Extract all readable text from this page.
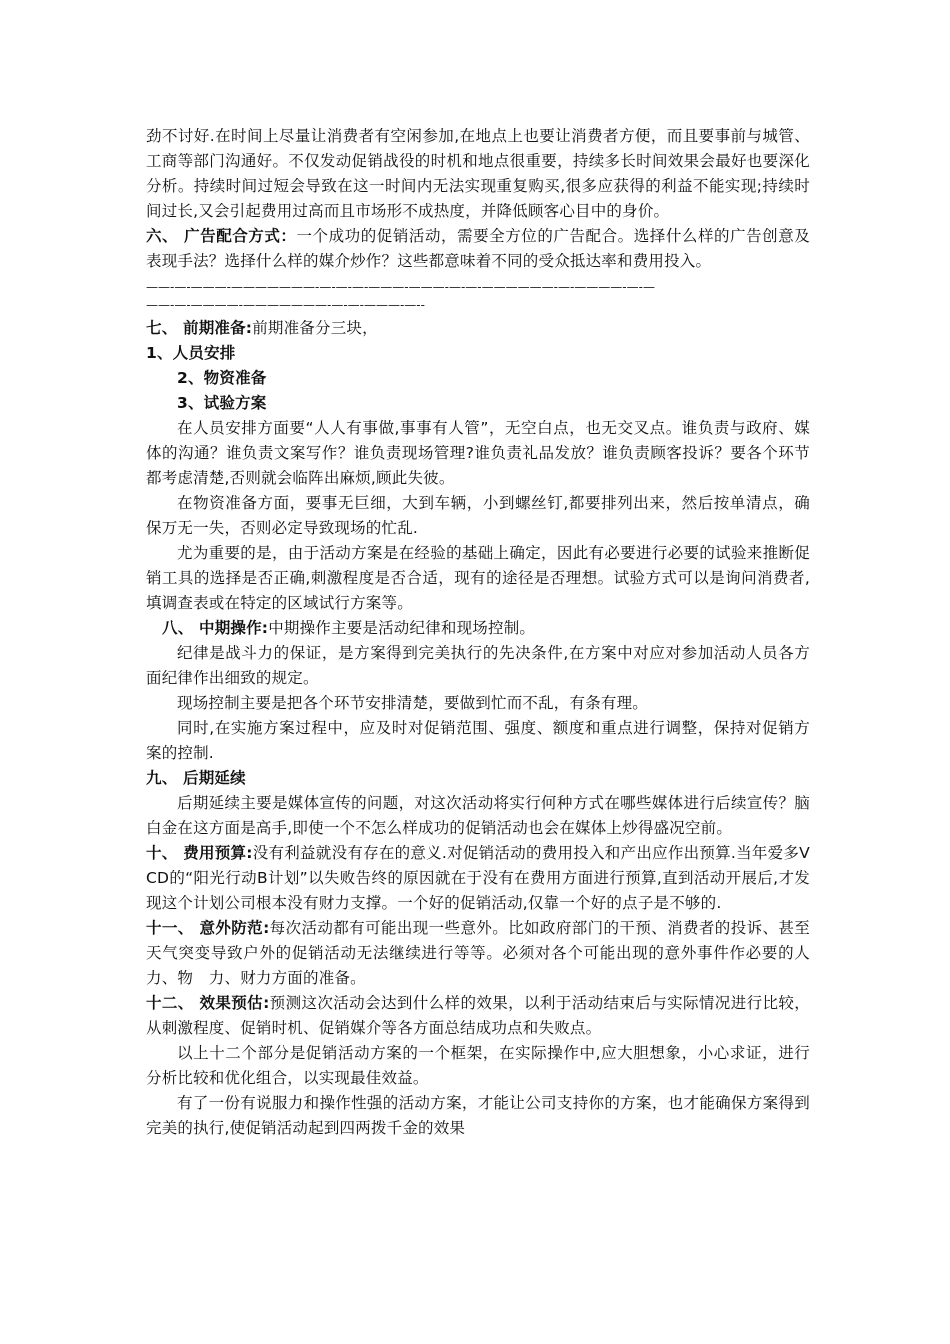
劲不讨好.在时间上尽量让消费者有空闲参加,在地点上也要让消费者方便，而且要事前与城管、工商等部门沟通好。不仅发动促销战役的时机和地点很重要，持续多长时间效果会最好也要深化分析。持续时间过短会导致在这一时间内无法实现重复购买,很多应获得的利益不能实现;持续时间过长,又会引起费用过高而且市场形不成热度，并降低顾客心目中的身价。

六、 广告配合方式：一个成功的促销活动，需要全方位的广告配合。选择什么样的广告创意及表现手法？选择什么样的媒介炒作？这些都意味着不同的受众抵达率和费用投入。

——-—-———-———————-—-—-—-———-———-—-—-——————-—-————-—-—
——-—-————-———————-—-—-———-—--

七、 前期准备:前期准备分三块，

1、人员安排

2、物资准备

3、试验方案

在人员安排方面要“人人有事做,事事有人管”，无空白点，也无交叉点。谁负责与政府、媒体的沟通？谁负责文案写作？谁负责现场管理?谁负责礼品发放？谁负责顾客投诉？要各个环节都考虑清楚,否则就会临阵出麻烦,顾此失彼。

在物资准备方面，要事无巨细，大到车辆，小到螺丝钉,都要排列出来，然后按单清点，确保万无一失，否则必定导致现场的忙乱.

尤为重要的是，由于活动方案是在经验的基础上确定，因此有必要进行必要的试验来推断促销工具的选择是否正确,刺激程度是否合适，现有的途径是否理想。试验方式可以是询问消费者,填调查表或在特定的区域试行方案等。

八、 中期操作:中期操作主要是活动纪律和现场控制。

纪律是战斗力的保证，是方案得到完美执行的先决条件,在方案中对应对参加活动人员各方面纪律作出细致的规定。

现场控制主要是把各个环节安排清楚，要做到忙而不乱，有条有理。

同时,在实施方案过程中，应及时对促销范围、强度、额度和重点进行调整，保持对促销方案的控制.

九、 后期延续

后期延续主要是媒体宣传的问题，对这次活动将实行何种方式在哪些媒体进行后续宣传？脑白金在这方面是高手,即使一个不怎么样成功的促销活动也会在媒体上炒得盛况空前。

十、 费用预算:没有利益就没有存在的意义.对促销活动的费用投入和产出应作出预算.当年爱多VCD的“阳光行动B计划”以失败告终的原因就在于没有在费用方面进行预算,直到活动开展后,才发现这个计划公司根本没有财力支撑。一个好的促销活动,仅靠一个好的点子是不够的.

十一、 意外防范:每次活动都有可能出现一些意外。比如政府部门的干预、消费者的投诉、甚至天气突变导致户外的促销活动无法继续进行等等。必须对各个可能出现的意外事件作必要的人力、物　力、财力方面的准备。

十二、 效果预估:预测这次活动会达到什么样的效果，以利于活动结束后与实际情况进行比较，从刺激程度、促销时机、促销媒介等各方面总结成功点和失败点。

以上十二个部分是促销活动方案的一个框架，在实际操作中,应大胆想象，小心求证，进行分析比较和优化组合，以实现最佳效益。

有了一份有说服力和操作性强的活动方案，才能让公司支持你的方案，也才能确保方案得到完美的执行,使促销活动起到四两拨千金的效果
